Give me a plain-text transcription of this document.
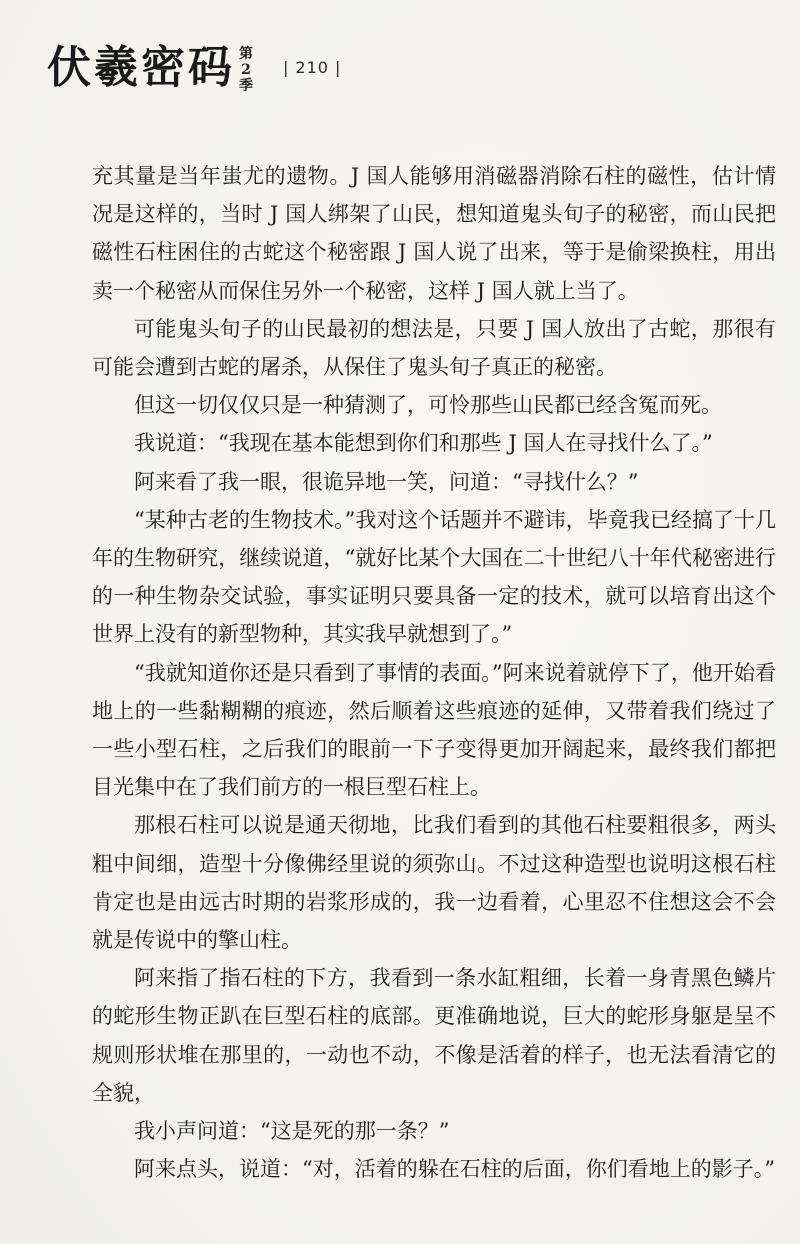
伏羲密码 第
2
季
| 210 |

充其量是当年蚩尤的遗物。J 国人能够用消磁器消除石柱的磁性，估计情况是这样的，当时 J 国人绑架了山民，想知道鬼头旬子的秘密，而山民把磁性石柱困住的古蛇这个秘密跟 J 国人说了出来，等于是偷梁换柱，用出卖一个秘密从而保住另外一个秘密，这样 J 国人就上当了。

可能鬼头旬子的山民最初的想法是，只要 J 国人放出了古蛇，那很有可能会遭到古蛇的屠杀，从保住了鬼头旬子真正的秘密。

但这一切仅仅只是一种猜测了，可怜那些山民都已经含冤而死。

我说道：“我现在基本能想到你们和那些 J 国人在寻找什么了。”

阿来看了我一眼，很诡异地一笑，问道：“寻找什么？”

“某种古老的生物技术。”我对这个话题并不避讳，毕竟我已经搞了十几年的生物研究，继续说道，“就好比某个大国在二十世纪八十年代秘密进行的一种生物杂交试验，事实证明只要具备一定的技术，就可以培育出这个世界上没有的新型物种，其实我早就想到了。”

“我就知道你还是只看到了事情的表面。”阿来说着就停下了，他开始看地上的一些黏糊糊的痕迹，然后顺着这些痕迹的延伸，又带着我们绕过了一些小型石柱，之后我们的眼前一下子变得更加开阔起来，最终我们都把目光集中在了我们前方的一根巨型石柱上。

那根石柱可以说是通天彻地，比我们看到的其他石柱要粗很多，两头粗中间细，造型十分像佛经里说的须弥山。不过这种造型也说明这根石柱肯定也是由远古时期的岩浆形成的，我一边看着，心里忍不住想这会不会就是传说中的擎山柱。

阿来指了指石柱的下方，我看到一条水缸粗细，长着一身青黑色鳞片的蛇形生物正趴在巨型石柱的底部。更准确地说，巨大的蛇形身躯是呈不规则形状堆在那里的，一动也不动，不像是活着的样子，也无法看清它的全貌，

我小声问道：“这是死的那一条？”

阿来点头，说道：“对，活着的躲在石柱的后面，你们看地上的影子。”
